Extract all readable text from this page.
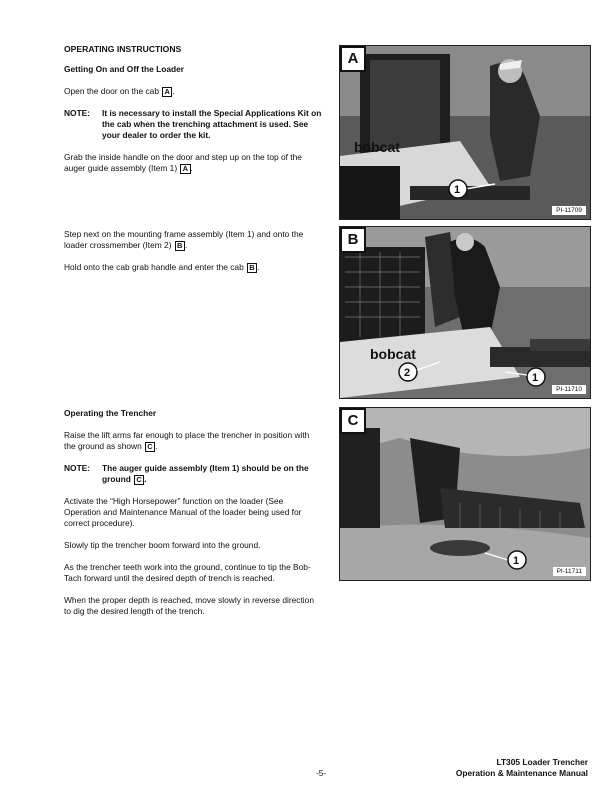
OPERATING INSTRUCTIONS

Getting On and Off the Loader

Open the door on the cab A .

NOTE:	It is necessary to install the Special Applications Kit on the cab when the trenching attachment is used. See your dealer to order the kit.

Grab the inside handle on the door and step up on the top of the auger guide assembly (Item 1) A .

Step next on the mounting frame assembly (Item 1) and onto the loader crossmember (Item 2) B .

Hold onto the cab grab handle and enter the cab B .

Operating the Trencher

Raise the lift arms far enough to place the trencher in position with the ground as shown C .

NOTE:	The auger guide assembly (Item 1) should be on the ground C .

Activate the “High Horsepower” function on the loader (See Operation and Maintenance Manual of the loader being used for correct procedure).

Slowly tip the trencher boom forward into the ground.

As the trencher teeth work into the ground, continue to tip the Bob-Tach forward until the desired depth of trench is reached.

When the proper depth is reached, move slowly in reverse direction to dig the desired length of the trench.

bobcat
1
A
PI-11709
bobcat
2	1
B
PI-11710
1
C
PI-11711
-5-
LT305 Loader Trencher
Operation & Maintenance Manual
